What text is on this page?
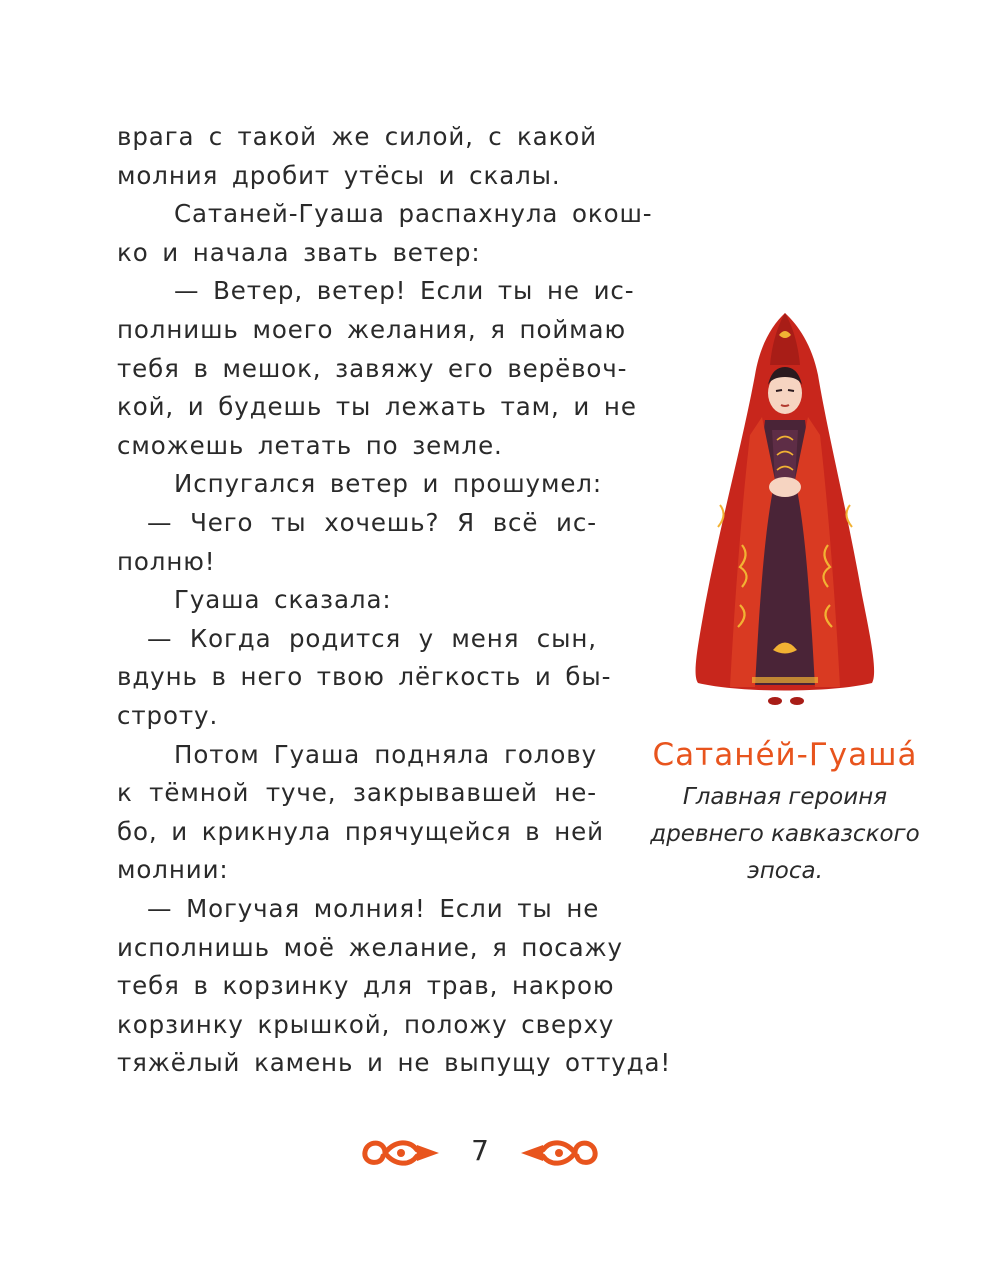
врага с такой же силой, с какой
молния дробит утёсы и скалы.
Сатаней-Гуаша распахнула окош-
ко и начала звать ветер:
— Ветер, ветер! Если ты не ис-
полнишь моего желания, я поймаю
тебя в мешок, завяжу его верёвоч-
кой, и будешь ты лежать там, и не
сможешь летать по земле.
Испугался ветер и прошумел:
— Чего ты хочешь? Я всё ис-
полню!
Гуаша сказала:
— Когда родится у меня сын,
вдунь в него твою лёгкость и бы-
строту.
Потом Гуаша подняла голову
к тёмной туче, закрывавшей не-
бо, и крикнула прячущейся в ней
молнии:
— Могучая молния! Если ты не
исполнишь моё желание, я посажу
тебя в корзинку для трав, накрою
корзинку крышкой, положу сверху
тяжёлый камень и не выпущу оттуда!
Сатане́й-Гуаша́
Главная героиня
древнего кавказского
эпоса.
7
